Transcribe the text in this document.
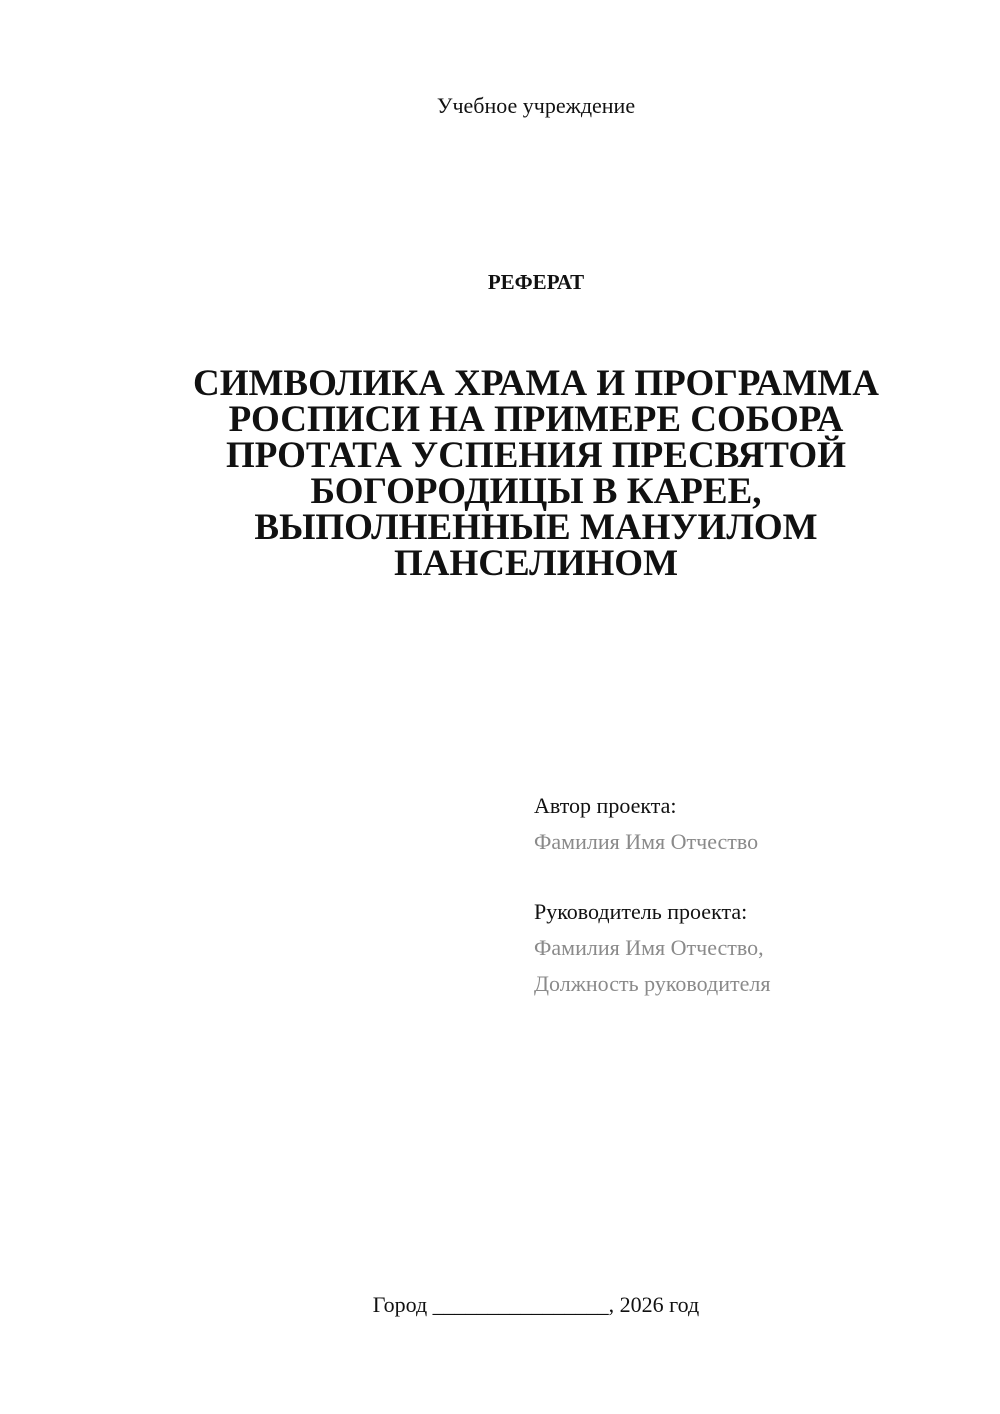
Учебное учреждение
РЕФЕРАТ
СИМВОЛИКА ХРАМА И ПРОГРАММА
РОСПИСИ НА ПРИМЕРЕ СОБОРА
ПРОТАТА УСПЕНИЯ ПРЕСВЯТОЙ
БОГОРОДИЦЫ В КАРЕЕ,
ВЫПОЛНЕННЫЕ МАНУИЛОМ
ПАНСЕЛИНОМ
Автор проекта:
Фамилия Имя Отчество
Руководитель проекта:
Фамилия Имя Отчество,
Должность руководителя
Город ________________, 2026 год
